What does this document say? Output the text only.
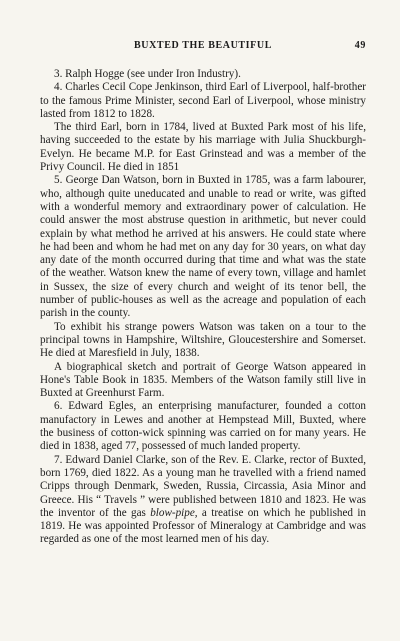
BUXTED THE BEAUTIFUL	49

3. Ralph Hogge (see under Iron Industry).

4. Charles Cecil Cope Jenkinson, third Earl of Liverpool, half-brother to the famous Prime Minister, second Earl of Liverpool, whose ministry lasted from 1812 to 1828.

The third Earl, born in 1784, lived at Buxted Park most of his life, having succeeded to the estate by his marriage with Julia Shuckburgh-Evelyn. He became M.P. for East Grinstead and was a member of the Privy Council. He died in 1851

5. George Dan Watson, born in Buxted in 1785, was a farm labourer, who, although quite uneducated and unable to read or write, was gifted with a wonderful memory and extraordinary power of calculation. He could answer the most abstruse question in arithmetic, but never could explain by what method he arrived at his answers. He could state where he had been and whom he had met on any day for 30 years, on what day any date of the month occurred during that time and what was the state of the weather. Watson knew the name of every town, village and hamlet in Sussex, the size of every church and weight of its tenor bell, the number of public-houses as well as the acreage and population of each parish in the county.

To exhibit his strange powers Watson was taken on a tour to the principal towns in Hampshire, Wiltshire, Gloucestershire and Somerset. He died at Maresfield in July, 1838.

A biographical sketch and portrait of George Watson appeared in Hone's Table Book in 1835. Members of the Watson family still live in Buxted at Greenhurst Farm.

6. Edward Egles, an enterprising manufacturer, founded a cotton manufactory in Lewes and another at Hempstead Mill, Buxted, where the business of cotton-wick spinning was carried on for many years. He died in 1838, aged 77, possessed of much landed property.

7. Edward Daniel Clarke, son of the Rev. E. Clarke, rector of Buxted, born 1769, died 1822. As a young man he travelled with a friend named Cripps through Denmark, Sweden, Russia, Circassia, Asia Minor and Greece. His “ Travels ” were published between 1810 and 1823. He was the inventor of the gas blow-pipe, a treatise on which he published in 1819. He was appointed Professor of Mineralogy at Cambridge and was regarded as one of the most learned men of his day.
